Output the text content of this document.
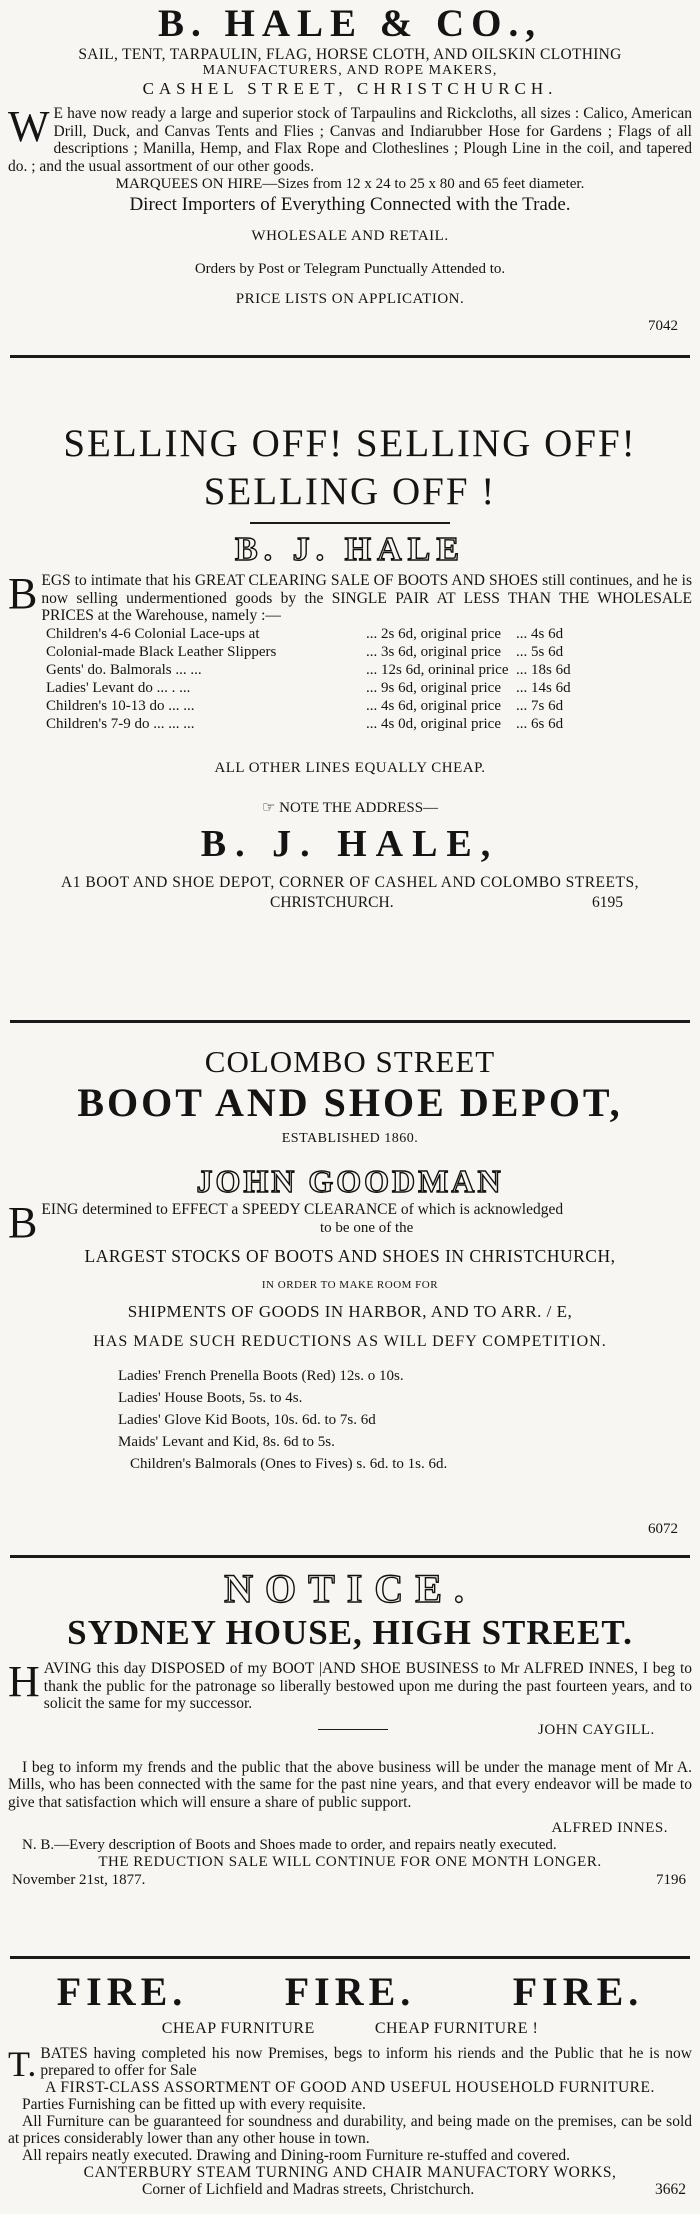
B. HALE & CO.,
SAIL, TENT, TARPAULIN, FLAG, HORSE CLOTH, AND OILSKIN CLOTHING
MANUFACTURERS, AND ROPE MAKERS,
CASHEL STREET, CHRISTCHURCH.
W E have now ready a large and superior stock of Tarpaulins and Rickcloths, all sizes : Calico, American Drill, Duck, and Canvas Tents and Flies ; Canvas and Indiarubber Hose for Gardens ; Flags of all descriptions ; Manilla, Hemp, and Flax Rope and Clotheslines ; Plough Line in the coil, and tapered do. ; and the usual assortment of our other goods.
MARQUEES ON HIRE—Sizes from 12 x 24 to 25 x 80 and 65 feet diameter.
Direct Importers of Everything Connected with the Trade.
WHOLESALE AND RETAIL.
Orders by Post or Telegram Punctually Attended to.
PRICE LISTS ON APPLICATION.
7042
SELLING OFF! SELLING OFF!
SELLING OFF !
B. J. HALE
B EGS to intimate that his GREAT CLEARING SALE OF BOOTS AND SHOES still continues, and he is now selling undermentioned goods by the SINGLE PAIR AT LESS THAN THE WHOLESALE PRICES at the Warehouse, namely :—
Children's 4-6 Colonial Lace-ups at	... 2s 6d, original price	... 4s 6d
Colonial-made Black Leather Slippers	... 3s 6d, original price	... 5s 6d
Gents' do. Balmorals ... ...	... 12s 6d, orininal price ... 18s 6d
Ladies' Levant do ... . ...	... 9s 6d, original price	... 14s 6d
Children's 10-13 do ... ...	... 4s 6d, original price	... 7s 6d
Children's 7-9 do ... ... ...	... 4s 0d, original price	... 6s 6d
ALL OTHER LINES EQUALLY CHEAP.
☞ NOTE THE ADDRESS—
B. J. HALE,
A1 BOOT AND SHOE DEPOT, CORNER OF CASHEL AND COLOMBO STREETS,
CHRISTCHURCH.	6195
COLOMBO STREET
BOOT AND SHOE DEPOT,
ESTABLISHED 1860.
JOHN GOODMAN
B EING determined to EFFECT a SPEEDY CLEARANCE of which is acknowledged
to be one of the
LARGEST STOCKS OF BOOTS AND SHOES IN CHRISTCHURCH,
IN ORDER TO MAKE ROOM FOR
SHIPMENTS OF GOODS IN HARBOR, AND TO ARR. / E,
HAS MADE SUCH REDUCTIONS AS WILL DEFY COMPETITION.
Ladies' French Prenella Boots (Red) 12s. o 10s.
Ladies' House Boots, 5s. to 4s.
Ladies' Glove Kid Boots, 10s. 6d. to 7s. 6d
Maids' Levant and Kid, 8s. 6d to 5s.
Children's Balmorals (Ones to Fives) s. 6d. to 1s. 6d.
6072
NOTICE.
SYDNEY HOUSE, HIGH STREET.
H AVING this day DISPOSED of my BOOT |AND SHOE BUSINESS to Mr ALFRED INNES, I beg to thank the public for the patronage so liberally bestowed upon me during the past fourteen years, and to solicit the same for my successor.
JOHN CAYGILL.
I beg to inform my frends and the public that the above business will be under the manage ment of Mr A. Mills, who has been connected with the same for the past nine years, and that every endeavor will be made to give that satisfaction which will ensure a share of public support.
ALFRED INNES.
N. B.—Every description of Boots and Shoes made to order, and repairs neatly executed.
THE REDUCTION SALE WILL CONTINUE FOR ONE MONTH LONGER.
November 21st, 1877.	7196
FIRE. FIRE. FIRE.
CHEAP FURNITURE	CHEAP FURNITURE !
T. BATES having completed his now Premises, begs to inform his riends and the Public that he is now prepared to offer for Sale
A FIRST-CLASS ASSORTMENT OF GOOD AND USEFUL HOUSEHOLD FURNITURE.
Parties Furnishing can be fitted up with every requisite.
All Furniture can be guaranteed for soundness and durability, and being made on the premises, can be sold at prices considerably lower than any other house in town.
All repairs neatly executed. Drawing and Dining-room Furniture re-stuffed and covered.
CANTERBURY STEAM TURNING AND CHAIR MANUFACTORY WORKS,
Corner of Lichfield and Madras streets, Christchurch.	3662
